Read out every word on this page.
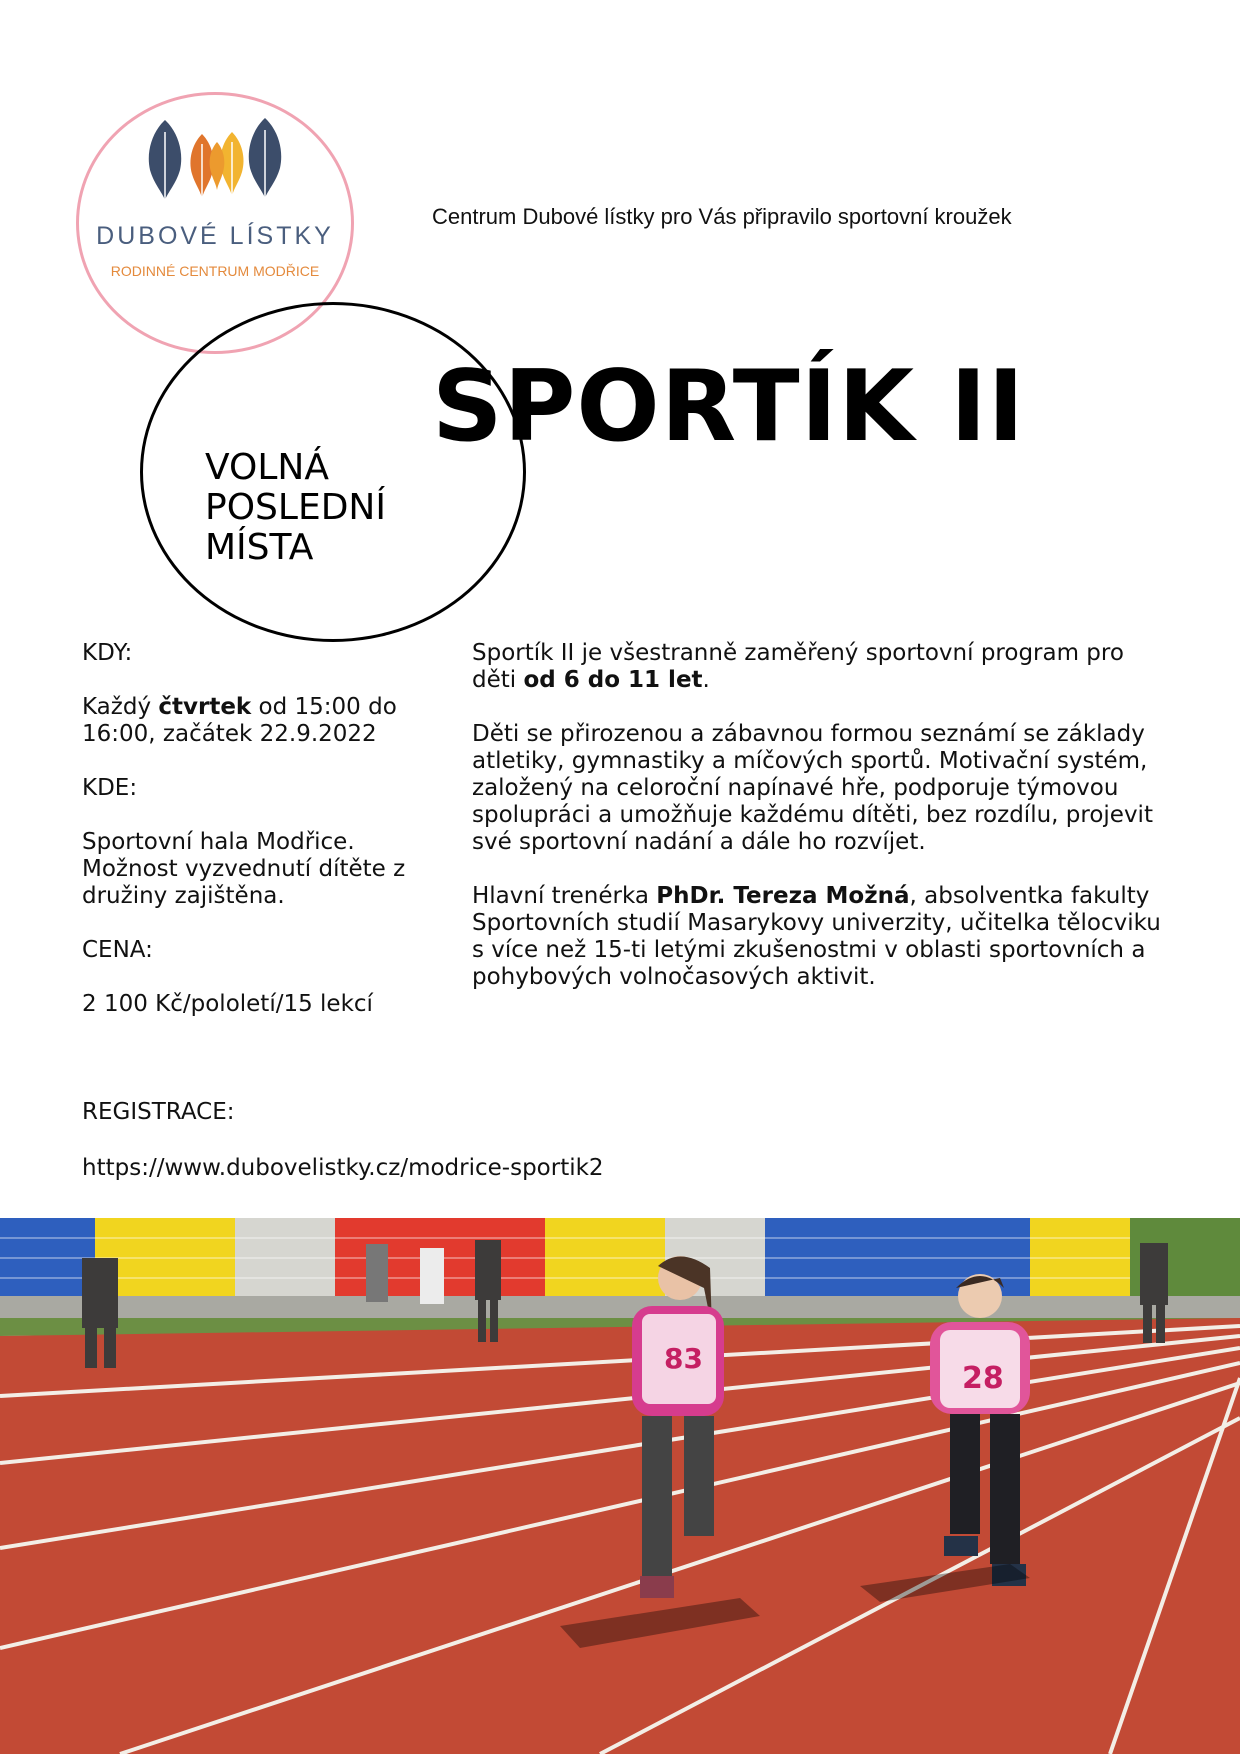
DUBOVÉ LÍSTKY
RODINNÉ CENTRUM MODŘICE
Centrum Dubové lístky pro Vás připravilo sportovní kroužek
VOLNÁ
POSLEDNÍ
MÍSTA
SPORTÍK II

KDY:

Každý čtvrtek od 15:00 do 16:00, začátek 22.9.2022

KDE:

Sportovní hala Modřice. Možnost vyzvednutí dítěte z družiny zajištěna.

CENA:

2 100 Kč/pololetí/15 lekcí

Sportík II je všestranně zaměřený sportovní program pro děti od 6 do 11 let.

Děti se přirozenou a zábavnou formou seznámí se základy atletiky, gymnastiky a míčových sportů. Motivační systém, založený na celoroční napínavé hře, podporuje týmovou spolupráci a umožňuje každému dítěti, bez rozdílu, projevit své sportovní nadání a dále ho rozvíjet.

Hlavní trenérka PhDr. Tereza Možná, absolventka fakulty Sportovních studií Masarykovy univerzity, učitelka tělocviku s více než 15-ti letými zkušenostmi v oblasti sportovních a pohybových volnočasových aktivit.

REGISTRACE:
https://www.dubovelistky.cz/modrice-sportik2
83
28
